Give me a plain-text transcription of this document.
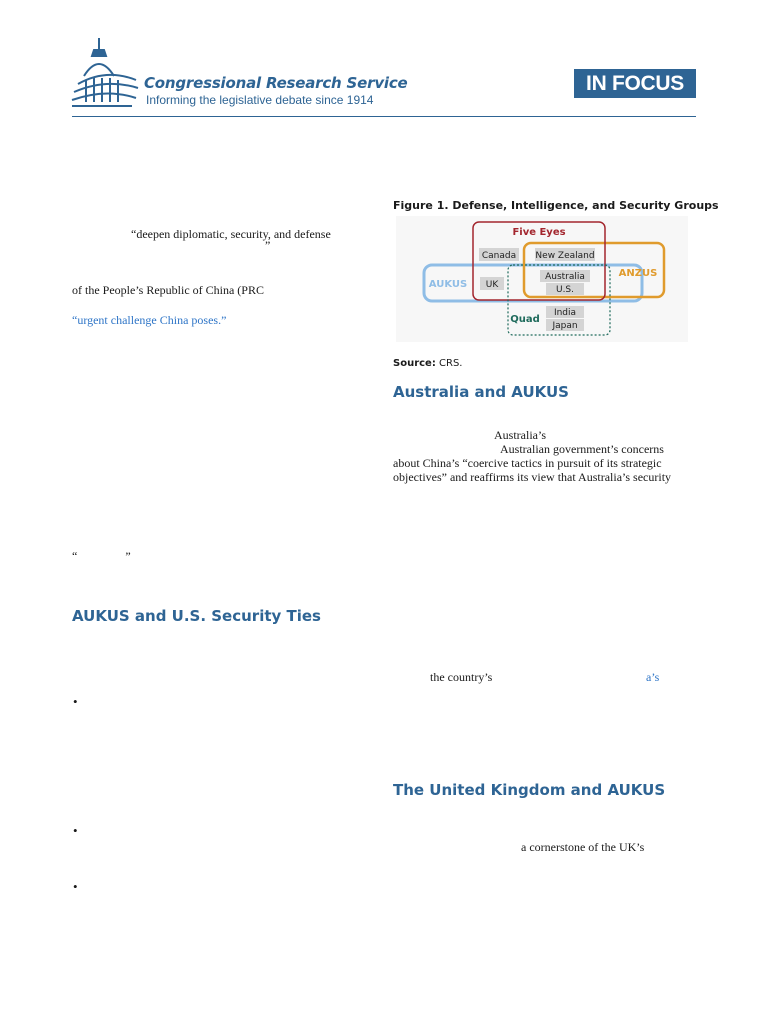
Congressional Research Service
Informing the legislative debate since 1914
IN FOCUS
“deepen diplomatic, security, and defense
”
of the People’s Republic of China (PRC
“urgent challenge China poses.”
“                ”
AUKUS and U.S. Security Ties
•
•
•
Figure 1. Defense, Intelligence, and Security Groups
Five Eyes
ANZUS
AUKUS
Quad
Canada New Zealand
UK
Australia
U.S.
India
Japan
Source: CRS.
Australia and AUKUS
Australia’s
Australian government’s concerns
about China’s “coercive tactics in pursuit of its strategic
objectives” and reaffirms its view that Australia’s security
the country’s	a’s
The United Kingdom and AUKUS
a cornerstone of the UK’s
